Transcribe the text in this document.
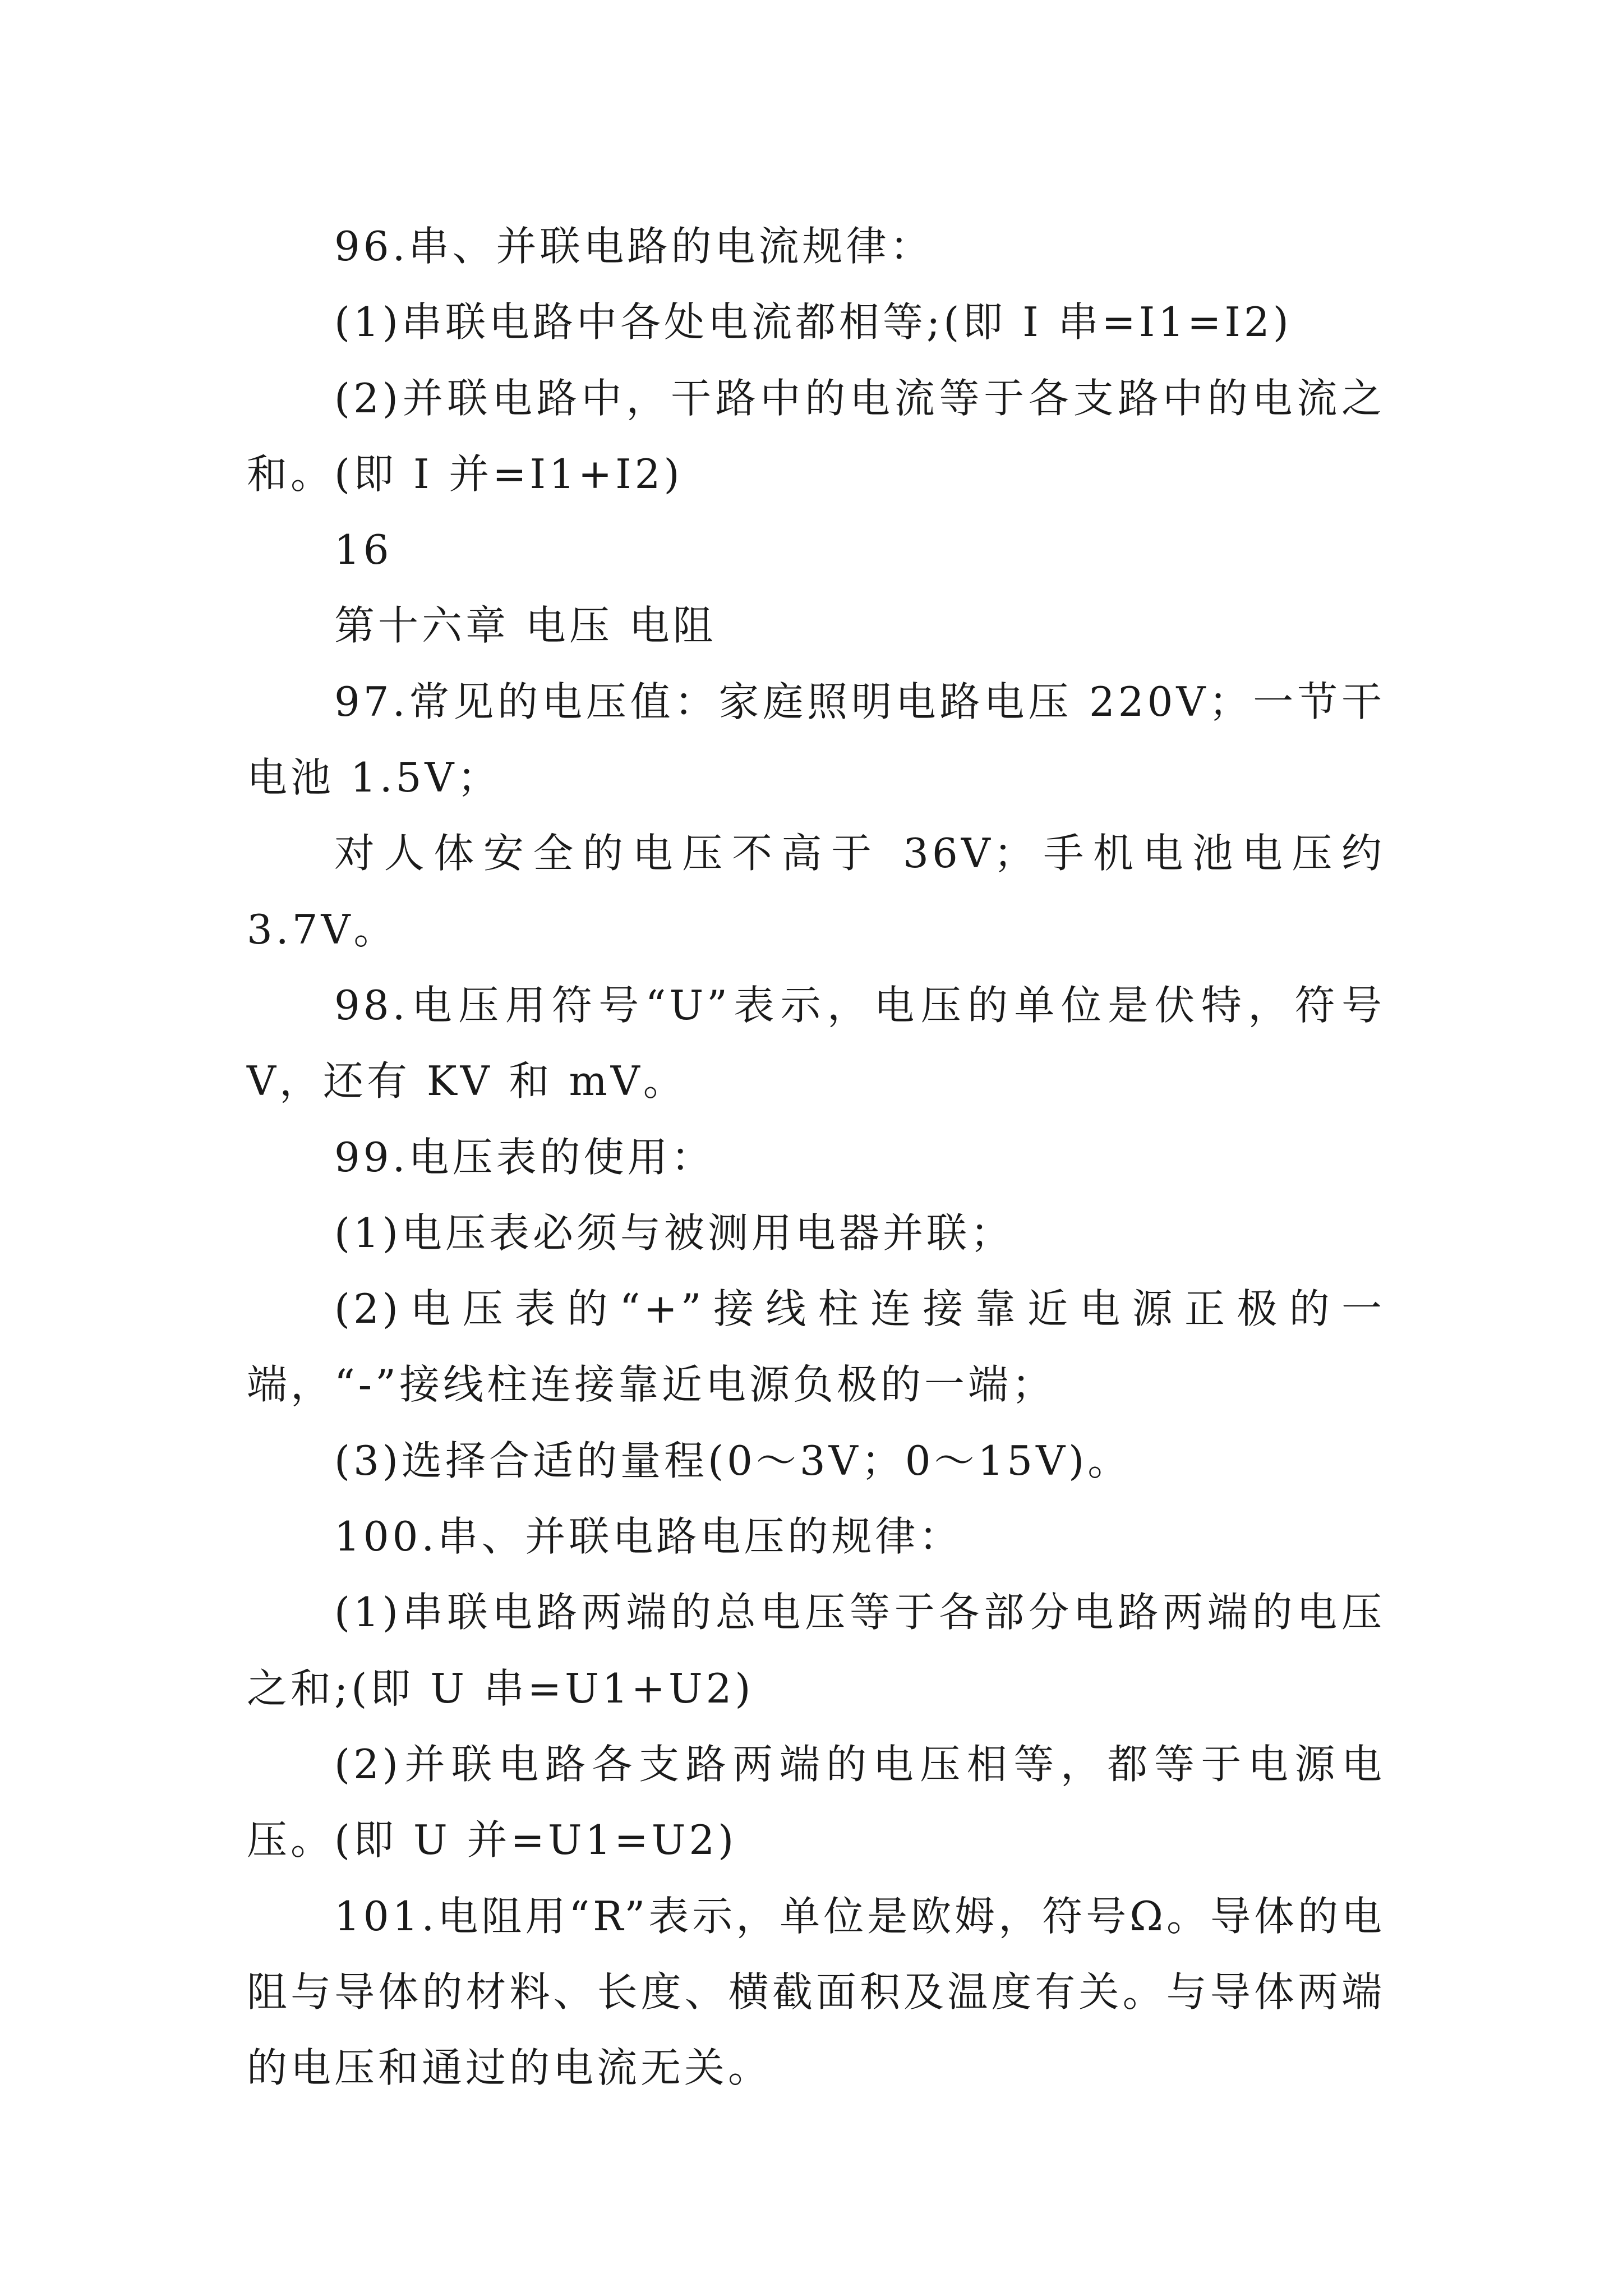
96.串、并联电路的电流规律：

(1)串联电路中各处电流都相等;(即 I 串=I1=I2)

(2)并联电路中，干路中的电流等于各支路中的电流之和。(即 I 并=I1+I2)

16

第十六章 电压 电阻

97.常见的电压值：家庭照明电路电压 220V；一节干电池 1.5V；

对人体安全的电压不高于 36V；手机电池电压约 3.7V。

98.电压用符号“U”表示，电压的单位是伏特，符号 V，还有 KV 和 mV。

99.电压表的使用：

(1)电压表必须与被测用电器并联；

(2)电压表的“+”接线柱连接靠近电源正极的一端，“-”接线柱连接靠近电源负极的一端；

(3)选择合适的量程(0～3V；0～15V)。

100.串、并联电路电压的规律：

(1)串联电路两端的总电压等于各部分电路两端的电压之和;(即 U 串=U1+U2)

(2)并联电路各支路两端的电压相等，都等于电源电压。(即 U 并=U1=U2)

101.电阻用“R”表示，单位是欧姆，符号Ω。导体的电阻与导体的材料、长度、横截面积及温度有关。与导体两端的电压和通过的电流无关。
